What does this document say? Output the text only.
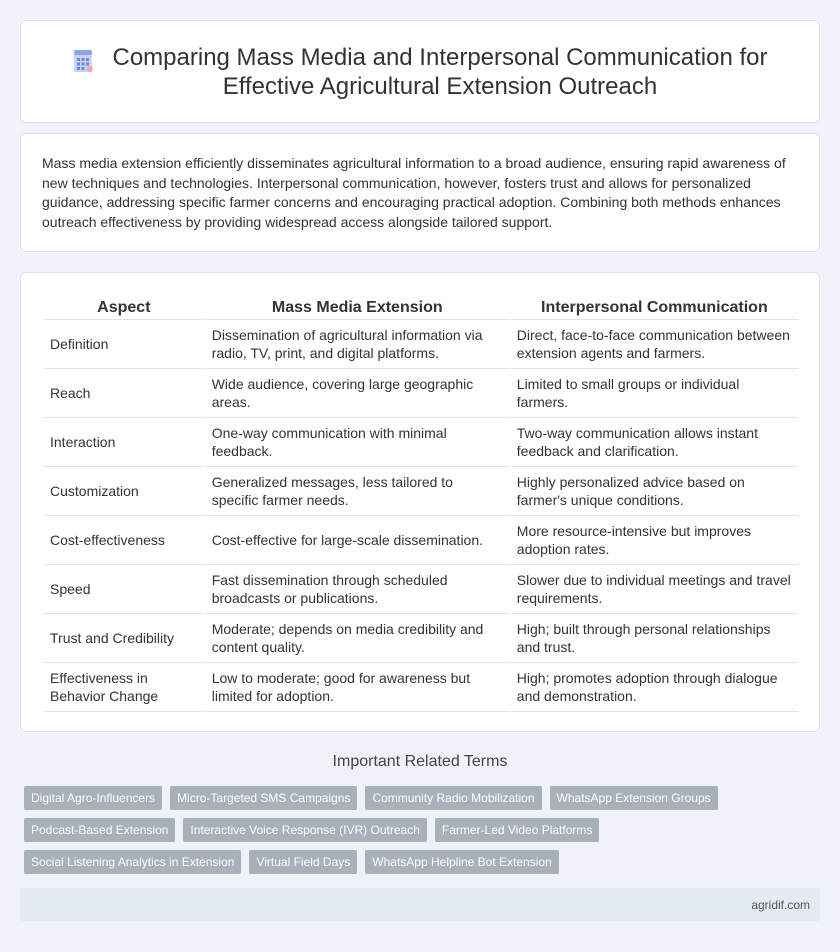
Comparing Mass Media and Interpersonal Communication for Effective Agricultural Extension Outreach

Mass media extension efficiently disseminates agricultural information to a broad audience, ensuring rapid awareness of new techniques and technologies. Interpersonal communication, however, fosters trust and allows for personalized guidance, addressing specific farmer concerns and encouraging practical adoption. Combining both methods enhances outreach effectiveness by providing widespread access alongside tailored support.

Aspect	Mass Media Extension	Interpersonal Communication
Definition	Dissemination of agricultural information via radio, TV, print, and digital platforms.	Direct, face-to-face communication between extension agents and farmers.
Reach	Wide audience, covering large geographic areas.	Limited to small groups or individual farmers.
Interaction	One-way communication with minimal feedback.	Two-way communication allows instant feedback and clarification.
Customization	Generalized messages, less tailored to specific farmer needs.	Highly personalized advice based on farmer's unique conditions.
Cost-effectiveness	Cost-effective for large-scale dissemination.	More resource-intensive but improves adoption rates.
Speed	Fast dissemination through scheduled broadcasts or publications.	Slower due to individual meetings and travel requirements.
Trust and Credibility	Moderate; depends on media credibility and content quality.	High; built through personal relationships and trust.
Effectiveness in Behavior Change	Low to moderate; good for awareness but limited for adoption.	High; promotes adoption through dialogue and demonstration.
Important Related Terms
Digital Agro-Influencers	Micro-Targeted SMS Campaigns	Community Radio Mobilization	WhatsApp Extension Groups
Podcast-Based Extension	Interactive Voice Response (IVR) Outreach	Farmer-Led Video Platforms
Social Listening Analytics in Extension	Virtual Field Days	WhatsApp Helpline Bot Extension
agridif.com
